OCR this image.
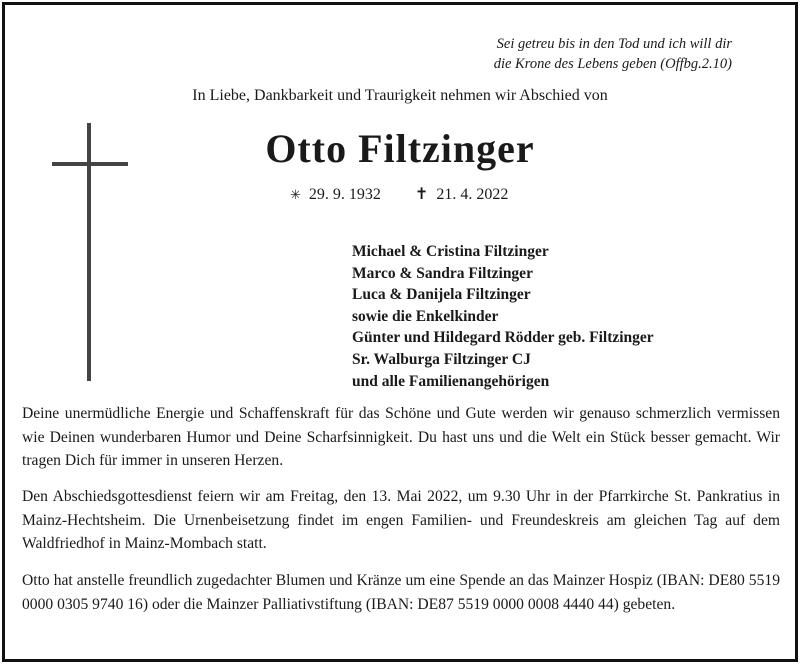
Sei getreu bis in den Tod und ich will dir
die Krone des Lebens geben (Offbg.2.10)
In Liebe, Dankbarkeit und Traurigkeit nehmen wir Abschied von
Otto Filtzinger
✳ 29. 9. 1932 ✝ 21. 4. 2022
Michael & Cristina Filtzinger
Marco & Sandra Filtzinger
Luca & Danijela Filtzinger
sowie die Enkelkinder
Günter und Hildegard Rödder geb. Filtzinger
Sr. Walburga Filtzinger CJ
und alle Familienangehörigen
Deine unermüdliche Energie und Schaffenskraft für das Schöne und Gute werden wir genauso schmerzlich vermissen wie Deinen wunderbaren Humor und Deine Scharfsinnigkeit. Du hast uns und die Welt ein Stück besser gemacht. Wir tragen Dich für immer in unseren Herzen.
Den Abschiedsgottesdienst feiern wir am Freitag, den 13. Mai 2022, um 9.30 Uhr in der Pfarrkirche St. Pankratius in Mainz-Hechtsheim. Die Urnenbeisetzung findet im engen Familien- und Freundeskreis am gleichen Tag auf dem Waldfriedhof in Mainz-Mombach statt.
Otto hat anstelle freundlich zugedachter Blumen und Kränze um eine Spende an das Mainzer Hospiz (IBAN: DE80 5519 0000 0305 9740 16) oder die Mainzer Palliativstiftung (IBAN: DE87 5519 0000 0008 4440 44) gebeten.
